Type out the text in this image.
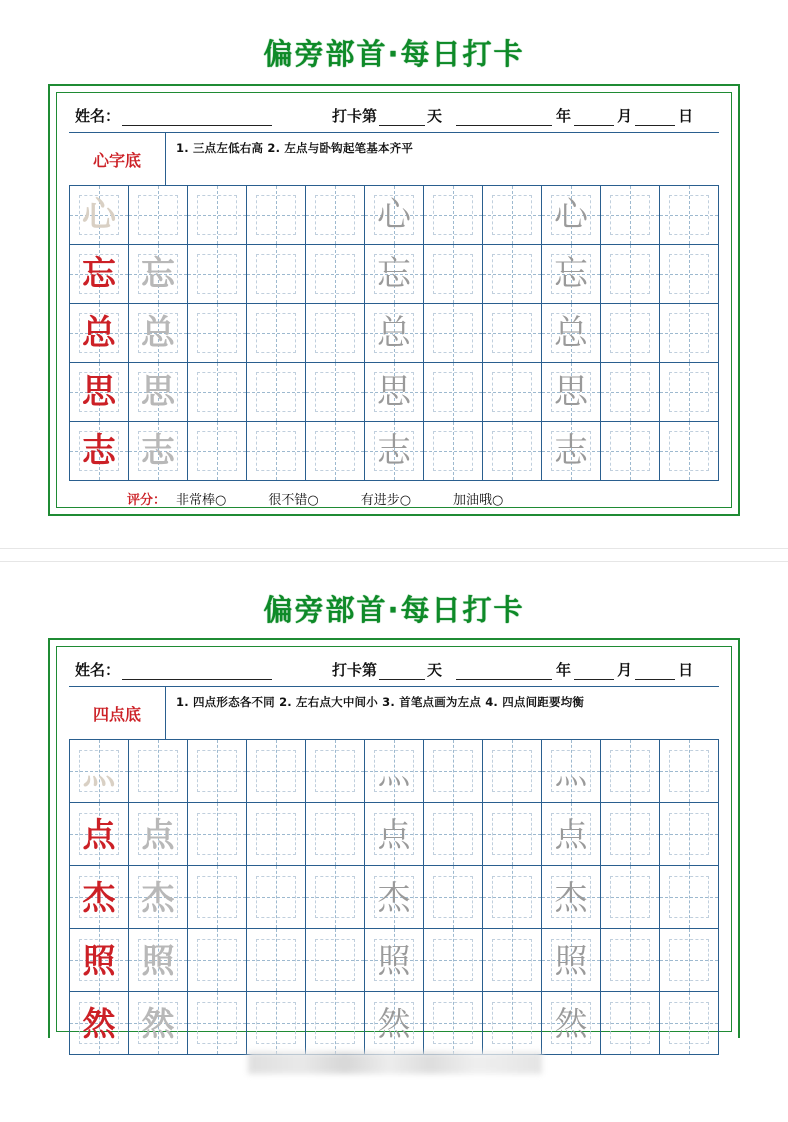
偏旁部首·每日打卡
姓名：	打卡第	天	年	月	日
心字底
1. 三点左低右高 2. 左点与卧钩起笔基本齐平
心	心	心
忘 忘	忘	忘
总 总	总	总
思 思	思	思
志 志	志	志
评分： 非常棒○	很不错○	有进步○	加油哦○
偏旁部首·每日打卡
姓名：	打卡第	天	年	月	日
四点底
1. 四点形态各不同 2. 左右点大中间小 3. 首笔点画为左点 4. 四点间距要均衡
灬	灬	灬
点 点	点	点
杰 杰	杰	杰
照 照	照	照
然 然	然	然
